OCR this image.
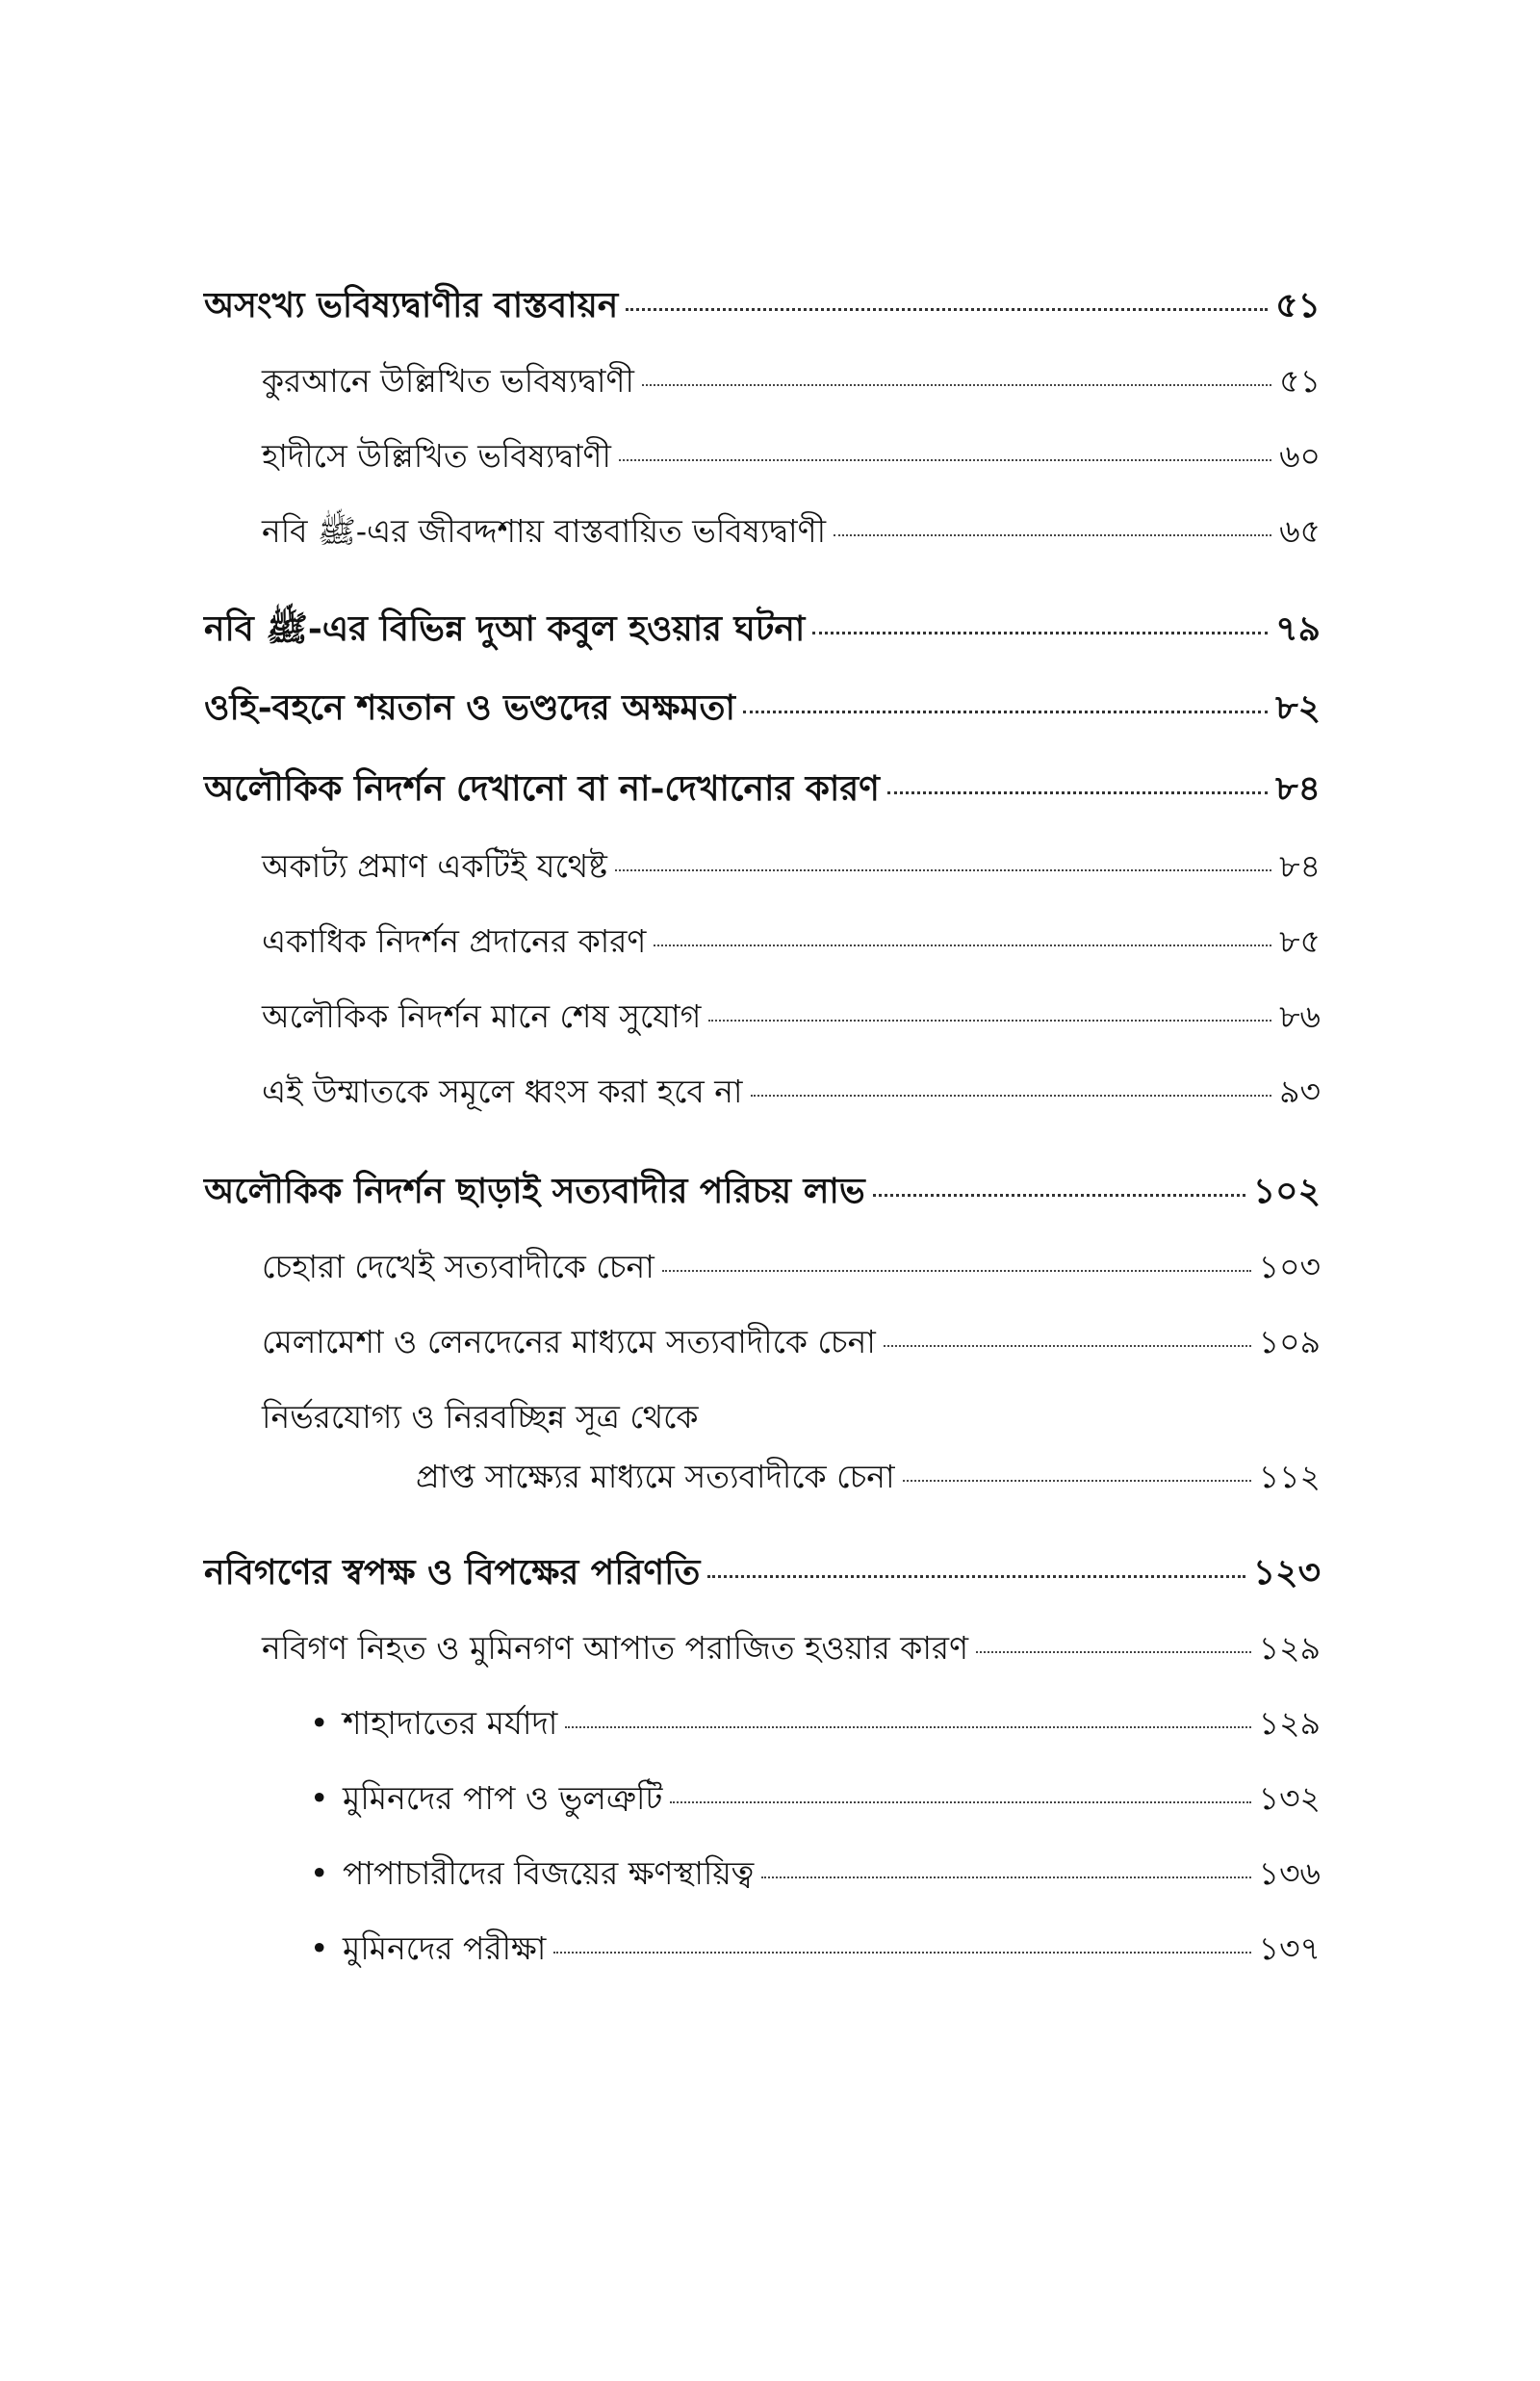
অসংখ্য ভবিষ্যদ্বাণীর বাস্তবায়ন	৫১
কুরআনে উল্লিখিত ভবিষ্যদ্বাণী	৫১
হাদীসে উল্লিখিত ভবিষ্যদ্বাণী	৬০
নবি ﷺ-এর জীবদ্দশায় বাস্তবায়িত ভবিষ্যদ্বাণী	৬৫
নবি ﷺ-এর বিভিন্ন দুআ কবুল হওয়ার ঘটনা	৭৯
ওহি-বহনে শয়তান ও ভণ্ডদের অক্ষমতা	৮২
অলৌকিক নিদর্শন দেখানো বা না-দেখানোর কারণ	৮৪
অকাট্য প্রমাণ একটিই যথেষ্ট	৮৪
একাধিক নিদর্শন প্রদানের কারণ	৮৫
অলৌকিক নিদর্শন মানে শেষ সুযোগ	৮৬
এই উম্মাতকে সমূলে ধ্বংস করা হবে না	৯৩
অলৌকিক নিদর্শন ছাড়াই সত্যবাদীর পরিচয় লাভ	১০২
চেহারা দেখেই সত্যবাদীকে চেনা	১০৩
মেলামেশা ও লেনদেনের মাধ্যমে সত্যবাদীকে চেনা	১০৯
নির্ভরযোগ্য ও নিরবচ্ছিন্ন সূত্র থেকে
প্রাপ্ত সাক্ষ্যের মাধ্যমে সত্যবাদীকে চেনা	১১২
নবিগণের স্বপক্ষ ও বিপক্ষের পরিণতি	১২৩
নবিগণ নিহত ও মুমিনগণ আপাত পরাজিত হওয়ার কারণ	১২৯
• শাহাদাতের মর্যাদা	১২৯
• মুমিনদের পাপ ও ভুলত্রুটি	১৩২
• পাপাচারীদের বিজয়ের ক্ষণস্থায়িত্ব	১৩৬
• মুমিনদের পরীক্ষা	১৩৭
